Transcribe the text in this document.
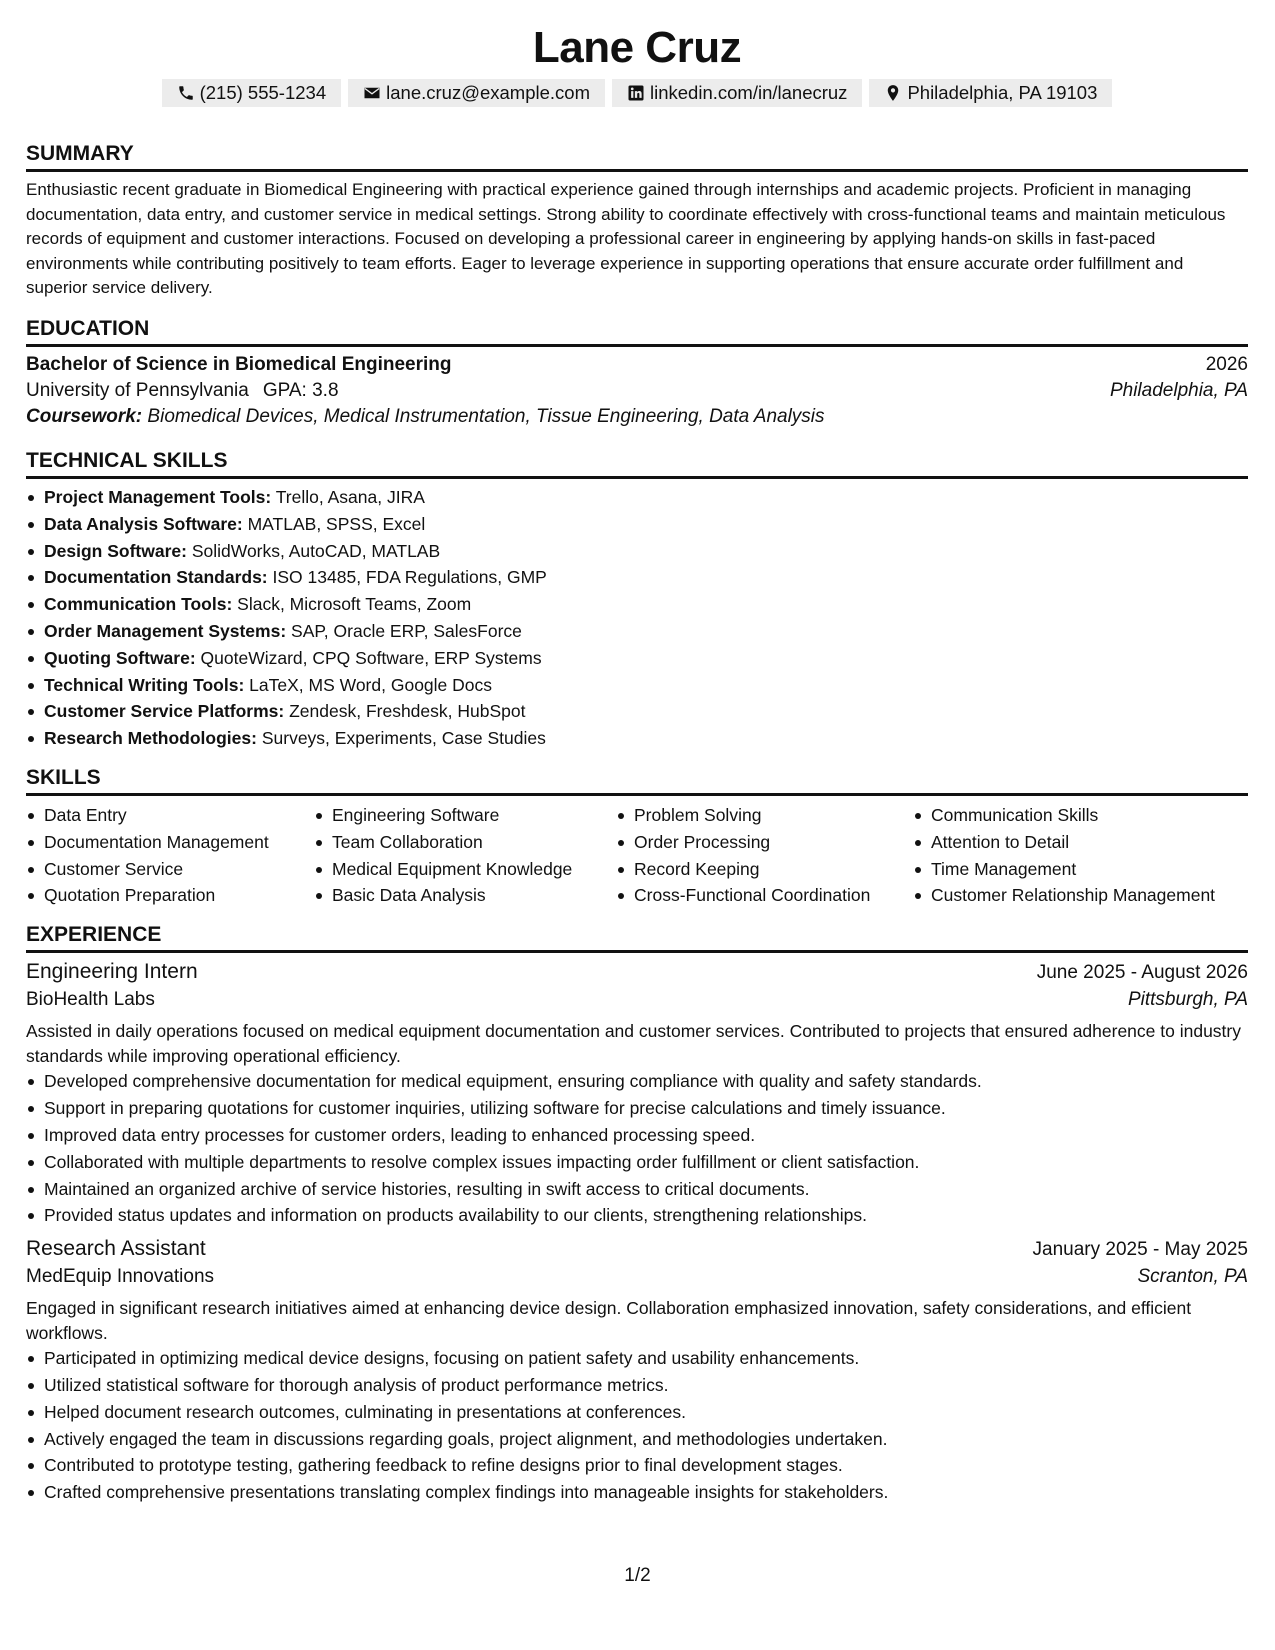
Lane Cruz
(215) 555-1234	lane.cruz@example.com	linkedin.com/in/lanecruz	Philadelphia, PA 19103
SUMMARY
Enthusiastic recent graduate in Biomedical Engineering with practical experience gained through internships and academic projects. Proficient in managing documentation, data entry, and customer service in medical settings. Strong ability to coordinate effectively with cross-functional teams and maintain meticulous records of equipment and customer interactions. Focused on developing a professional career in engineering by applying hands-on skills in fast-paced environments while contributing positively to team efforts. Eager to leverage experience in supporting operations that ensure accurate order fulfillment and superior service delivery.
EDUCATION
Bachelor of Science in Biomedical Engineering	2026
University of Pennsylvania GPA: 3.8	Philadelphia, PA
Coursework: Biomedical Devices, Medical Instrumentation, Tissue Engineering, Data Analysis
TECHNICAL SKILLS
Project Management Tools: Trello, Asana, JIRA
Data Analysis Software: MATLAB, SPSS, Excel
Design Software: SolidWorks, AutoCAD, MATLAB
Documentation Standards: ISO 13485, FDA Regulations, GMP
Communication Tools: Slack, Microsoft Teams, Zoom
Order Management Systems: SAP, Oracle ERP, SalesForce
Quoting Software: QuoteWizard, CPQ Software, ERP Systems
Technical Writing Tools: LaTeX, MS Word, Google Docs
Customer Service Platforms: Zendesk, Freshdesk, HubSpot
Research Methodologies: Surveys, Experiments, Case Studies
SKILLS
Data Entry
Documentation Management
Customer Service
Quotation Preparation
Engineering Software
Team Collaboration
Medical Equipment Knowledge
Basic Data Analysis
Problem Solving
Order Processing
Record Keeping
Cross-Functional Coordination
Communication Skills
Attention to Detail
Time Management
Customer Relationship Management
EXPERIENCE
Engineering Intern	June 2025 - August 2026
BioHealth Labs	Pittsburgh, PA
Assisted in daily operations focused on medical equipment documentation and customer services. Contributed to projects that ensured adherence to industry standards while improving operational efficiency.
Developed comprehensive documentation for medical equipment, ensuring compliance with quality and safety standards.
Support in preparing quotations for customer inquiries, utilizing software for precise calculations and timely issuance.
Improved data entry processes for customer orders, leading to enhanced processing speed.
Collaborated with multiple departments to resolve complex issues impacting order fulfillment or client satisfaction.
Maintained an organized archive of service histories, resulting in swift access to critical documents.
Provided status updates and information on products availability to our clients, strengthening relationships.
Research Assistant	January 2025 - May 2025
MedEquip Innovations	Scranton, PA
Engaged in significant research initiatives aimed at enhancing device design. Collaboration emphasized innovation, safety considerations, and efficient workflows.
Participated in optimizing medical device designs, focusing on patient safety and usability enhancements.
Utilized statistical software for thorough analysis of product performance metrics.
Helped document research outcomes, culminating in presentations at conferences.
Actively engaged the team in discussions regarding goals, project alignment, and methodologies undertaken.
Contributed to prototype testing, gathering feedback to refine designs prior to final development stages.
Crafted comprehensive presentations translating complex findings into manageable insights for stakeholders.
1/2
